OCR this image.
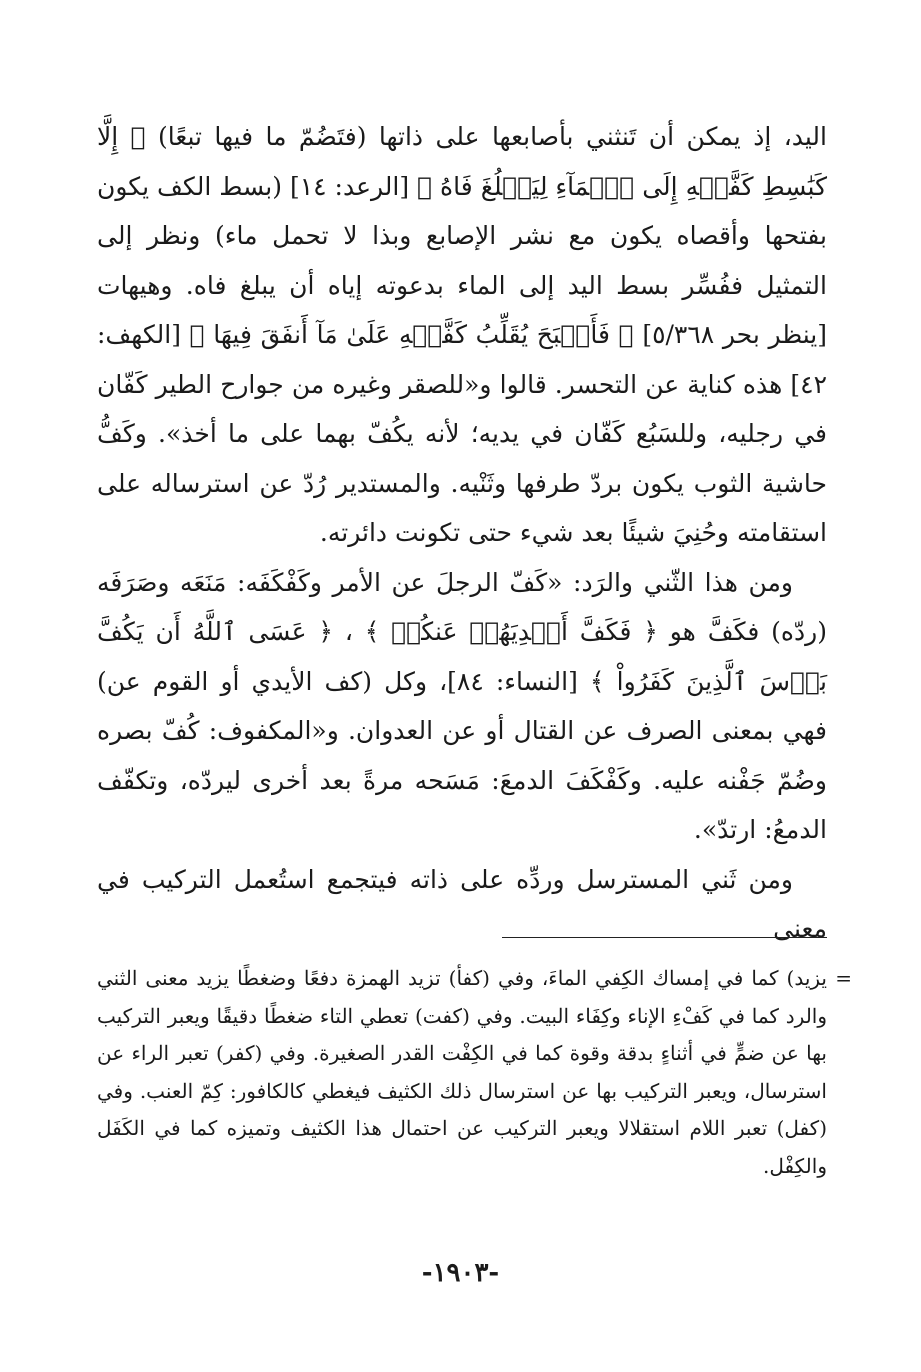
اليد، إذ يمكن أن تَنثني بأصابعها على ذاتها (فتَضُمّ ما فيها تبعًا) ﴿ إِلَّا كَبَٰسِطِ كَفَّيۡهِ إِلَى ٱلۡمَآءِ لِيَبۡلُغَ فَاهُ ﴾ [الرعد: ١٤] (بسط الكف يكون بفتحها وأقصاه يكون مع نشر الإصابع وبذا لا تحمل ماء) ونظر إلى التمثيل ففُسِّر بسط اليد إلى الماء بدعوته إياه أن يبلغ فاه. وهيهات [ينظر بحر ٥/٣٦٨] ﴿ فَأَصۡبَحَ يُقَلِّبُ كَفَّيۡهِ عَلَىٰ مَآ أَنفَقَ فِيهَا ﴾ [الكهف: ٤٢] هذه كناية عن التحسر. قالوا و«للصقر وغيره من جوارح الطير كَفّان في رجليه، وللسَبُع كَفّان في يديه؛ لأنه يكُفّ بهما على ما أخذ». وكَفُّ حاشية الثوب يكون بردّ طرفها وثَنْيه. والمستدير رُدّ عن استرساله على استقامته وحُنِيَ شيئًا بعد شيء حتى تكونت دائرته.

ومن هذا الثّني والرَد: «كَفّ الرجلَ عن الأمر وكَفْكَفَه: مَنَعَه وصَرَفَه (ردّه) فكَفَّ هو ﴿ فَكَفَّ أَيۡدِيَهُمۡ عَنكُمۡ ﴾ ، ﴿ عَسَى ٱللَّهُ أَن يَكُفَّ بَأۡسَ ٱلَّذِينَ كَفَرُواْ ﴾ [النساء: ٨٤]، وكل (كف الأيدي أو القوم عن) فهي بمعنى الصرف عن القتال أو عن العدوان. و«المكفوف: كُفّ بصره وضُمّ جَفْنه عليه. وكَفْكَفَ الدمعَ: مَسَحه مرةً بعد أخرى ليردّه، وتكفّف الدمعُ: ارتدّ».

ومن ثَني المسترسل وردِّه على ذاته فيتجمع استُعمل التركيب في معنى

=

يزيد) كما في إمساك الكِفي الماءَ، وفي (كفأ) تزيد الهمزة دفعًا وضغطًا يزيد معنى الثني والرد كما في كَفْءِ الإناء وكِفَاء البيت. وفي (كفت) تعطي التاء ضغطًا دقيقًا ويعبر التركيب بها عن ضمٍّ في أثناءٍ بدقة وقوة كما في الكِفْت القدر الصغيرة. وفي (كفر) تعبر الراء عن استرسال، ويعبر التركيب بها عن استرسال ذلك الكثيف فيغطي كالكافور: كِمّ العنب. وفي (كفل) تعبر اللام استقلالا ويعبر التركيب عن احتمال هذا الكثيف وتميزه كما في الكَفَل والكِفْل.

-١٩٠٣-
